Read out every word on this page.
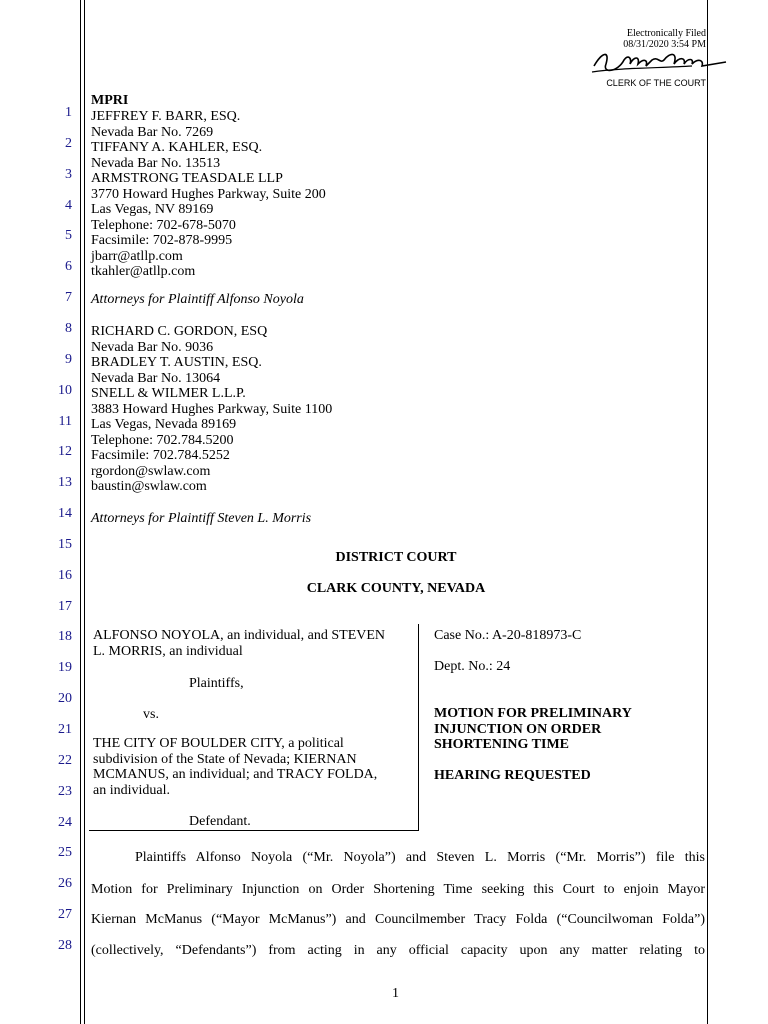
Electronically Filed
08/31/2020 3:54 PM
CLERK OF THE COURT
1
2
3
4
5
6
7
8
9
10
11
12
13
14
15
16
17
18
19
20
21
22
23
24
25
26
27
28
MPRI
JEFFREY F. BARR, ESQ.
Nevada Bar No. 7269
TIFFANY A. KAHLER, ESQ.
Nevada Bar No. 13513
ARMSTRONG TEASDALE LLP
3770 Howard Hughes Parkway, Suite 200
Las Vegas, NV 89169
Telephone: 702-678-5070
Facsimile: 702-878-9995
jbarr@atllp.com
tkahler@atllp.com
Attorneys for Plaintiff Alfonso Noyola
RICHARD C. GORDON, ESQ
Nevada Bar No. 9036
BRADLEY T. AUSTIN, ESQ.
Nevada Bar No. 13064
SNELL & WILMER L.L.P.
3883 Howard Hughes Parkway, Suite 1100
Las Vegas, Nevada 89169
Telephone: 702.784.5200
Facsimile: 702.784.5252
rgordon@swlaw.com
baustin@swlaw.com
Attorneys for Plaintiff Steven L. Morris
DISTRICT COURT
CLARK COUNTY, NEVADA
ALFONSO NOYOLA, an individual, and STEVEN
L. MORRIS, an individual
Plaintiffs,
vs.
THE CITY OF BOULDER CITY, a political
subdivision of the State of Nevada; KIERNAN
MCMANUS, an individual; and TRACY FOLDA,
an individual.
Defendant.
Case No.: A-20-818973-C
Dept. No.: 24
MOTION FOR PRELIMINARY
INJUNCTION ON ORDER
SHORTENING TIME
HEARING REQUESTED
Plaintiffs Alfonso Noyola (“Mr. Noyola”) and Steven L. Morris (“Mr. Morris”) file this
Motion for Preliminary Injunction on Order Shortening Time seeking this Court to enjoin Mayor
Kiernan McManus (“Mayor McManus”) and Councilmember Tracy Folda (“Councilwoman Folda”)
(collectively, “Defendants”) from acting in any official capacity upon any matter relating to
1
